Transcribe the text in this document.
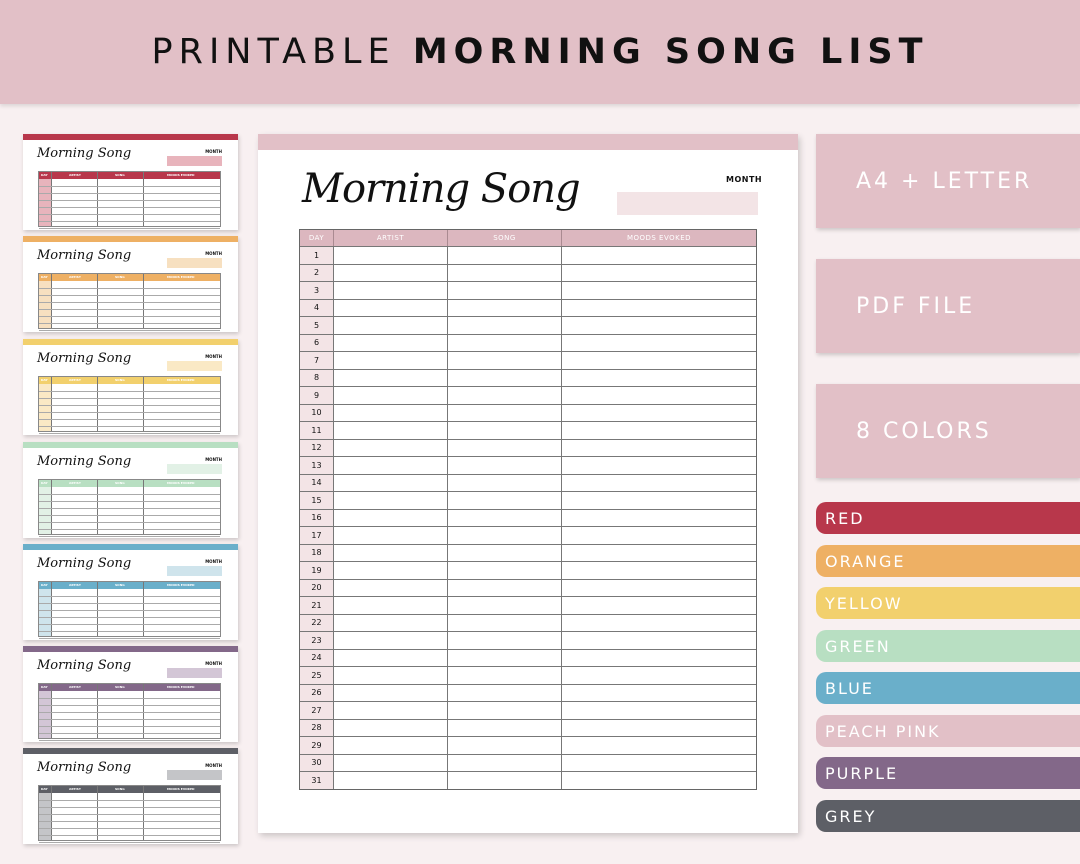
PRINTABLE MORNING SONG LIST
Morning Song	MONTH
DAY	ARTIST	SONG	MOODS EVOKED
Morning Song	MONTH
DAY	ARTIST	SONG	MOODS EVOKED
Morning Song	MONTH
DAY	ARTIST	SONG	MOODS EVOKED
Morning Song	MONTH
DAY	ARTIST	SONG	MOODS EVOKED
Morning Song	MONTH
DAY	ARTIST	SONG	MOODS EVOKED
Morning Song	MONTH
DAY	ARTIST	SONG	MOODS EVOKED
Morning Song	MONTH
DAY	ARTIST	SONG	MOODS EVOKED
Morning Song	MONTH
DAY	ARTIST	SONG	MOODS EVOKED
1
2
3
4
5
6
7
8
9
10
11
12
13
14
15
16
17
18
19
20
21
22
23
24
25
26
27
28
29
30
31
A4 + LETTER
PDF FILE
8 COLORS
RED
ORANGE
YELLOW
GREEN
BLUE
PEACH PINK
PURPLE
GREY
